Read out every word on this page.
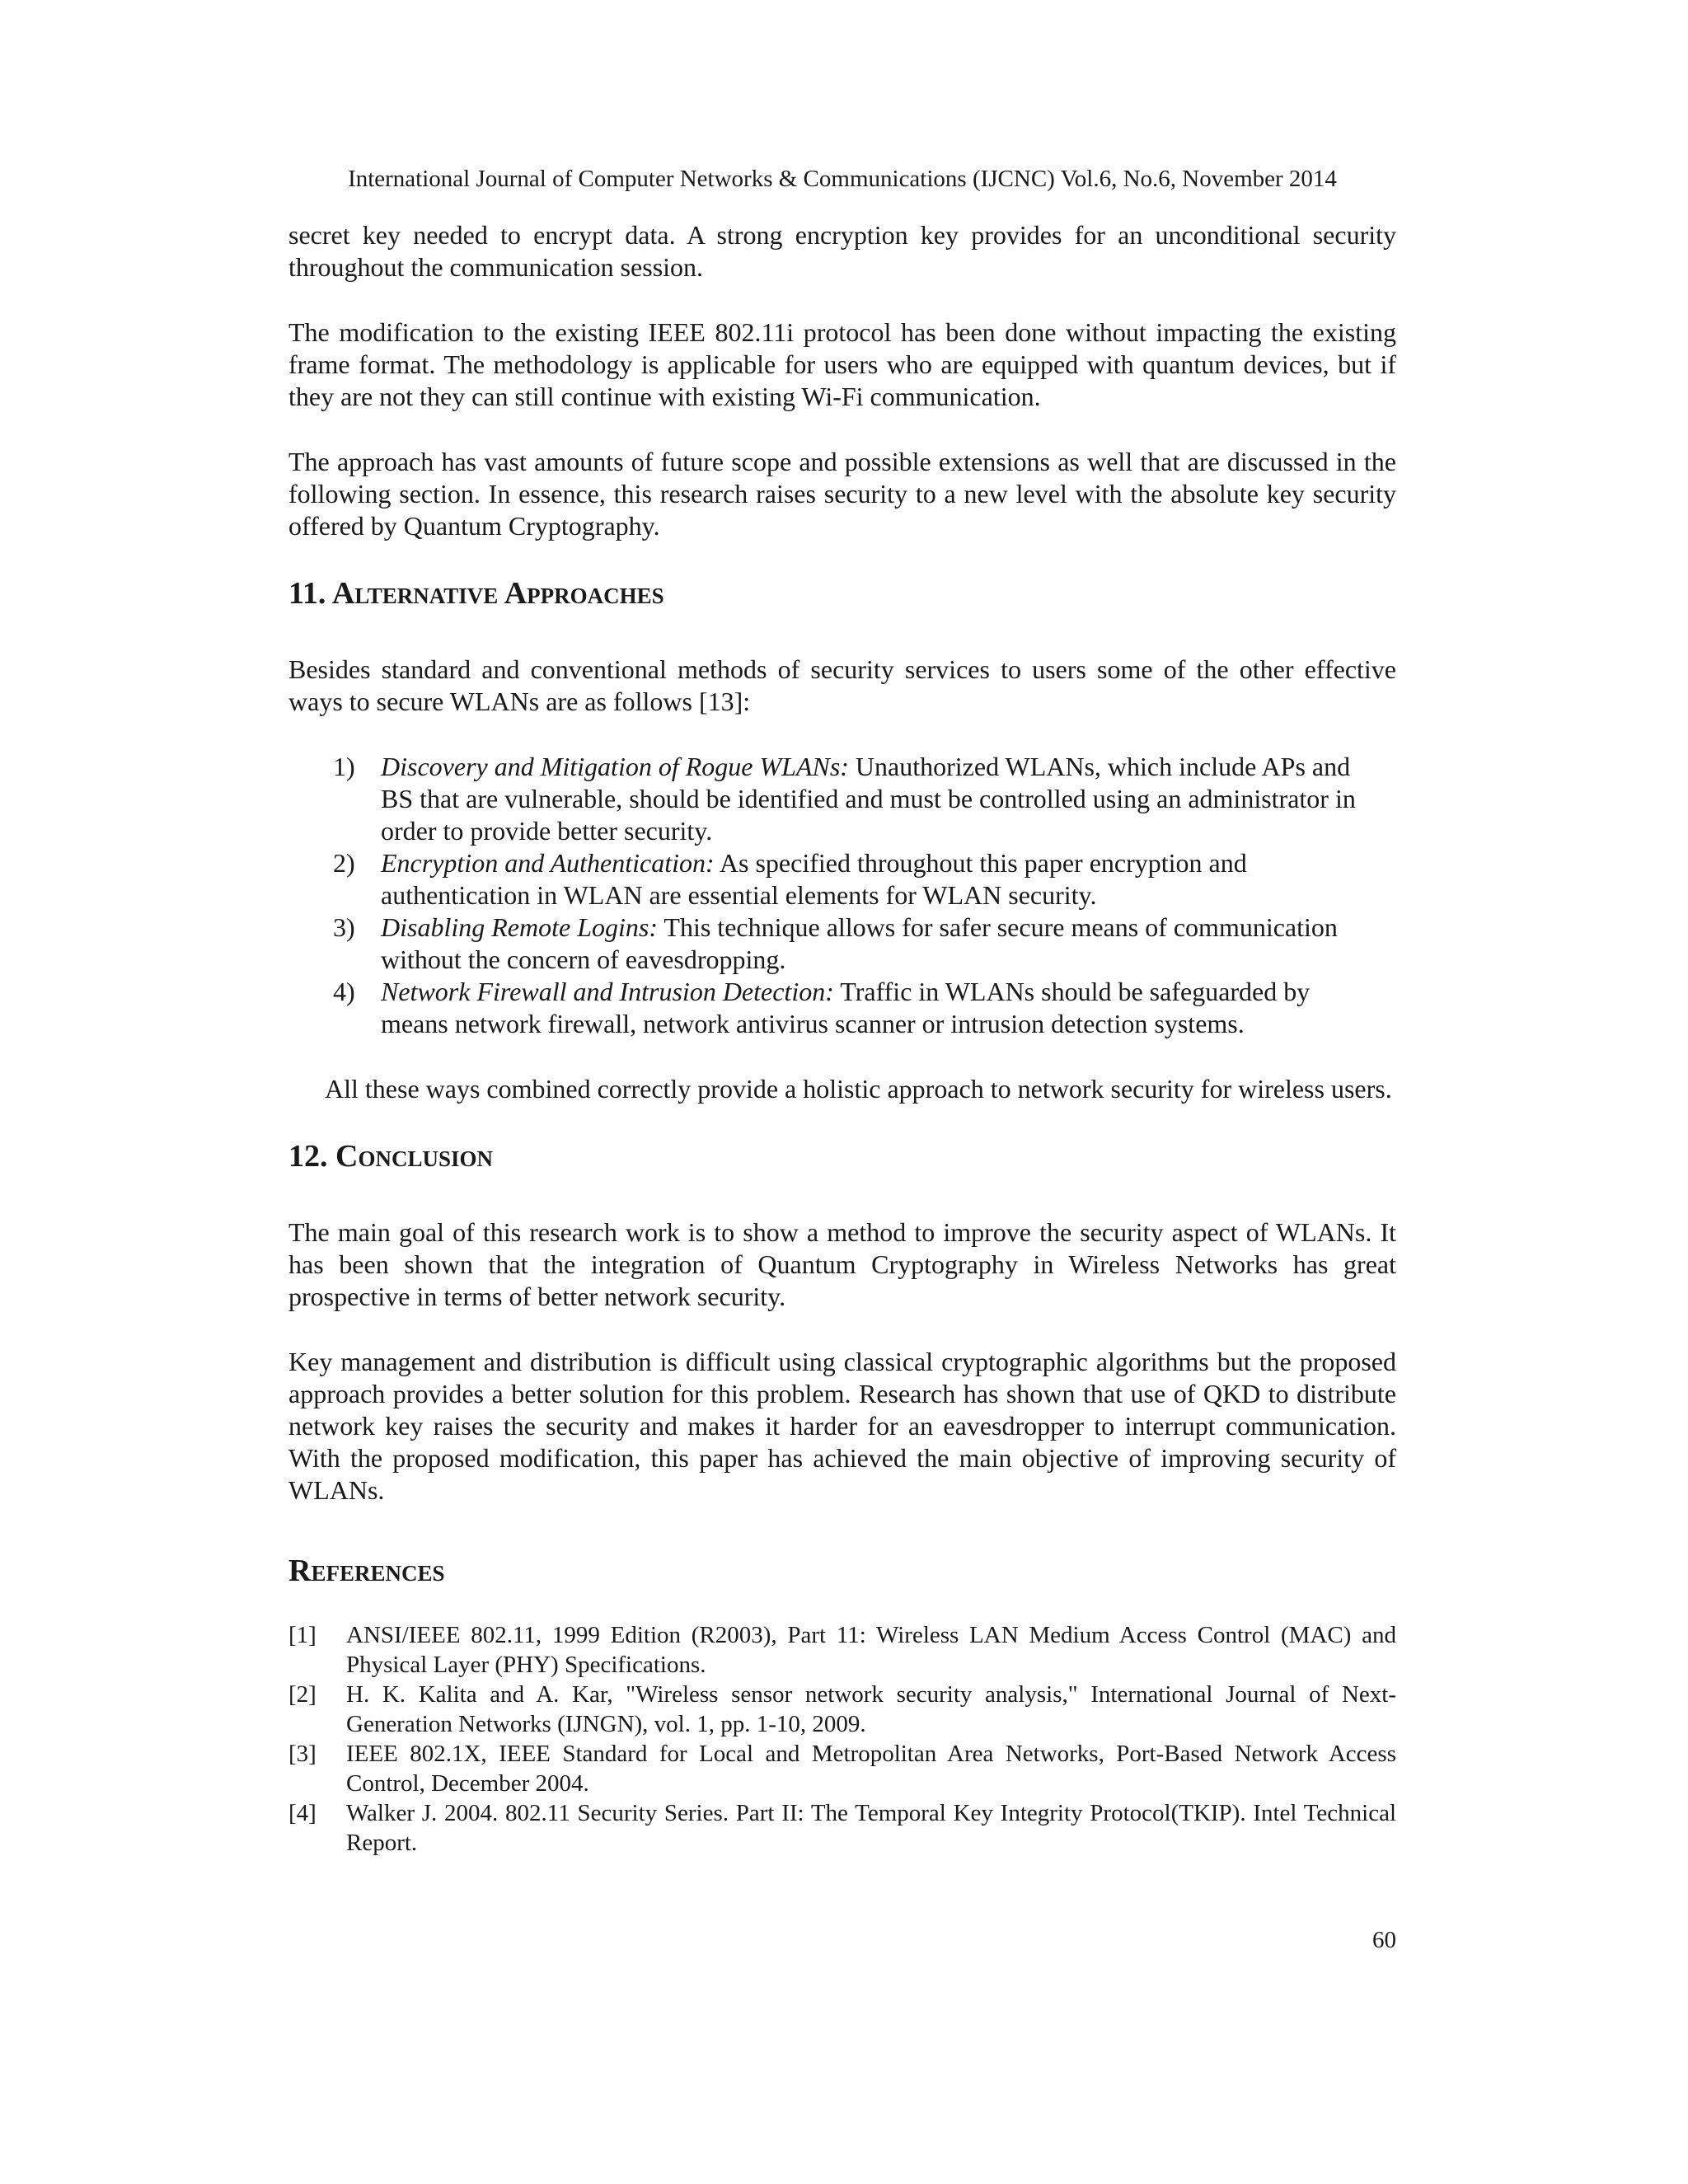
International Journal of Computer Networks & Communications (IJCNC) Vol.6, No.6, November 2014

secret key needed to encrypt data. A strong encryption key provides for an unconditional security throughout the communication session.

The modification to the existing IEEE 802.11i protocol has been done without impacting the existing frame format. The methodology is applicable for users who are equipped with quantum devices, but if they are not they can still continue with existing Wi-Fi communication.

The approach has vast amounts of future scope and possible extensions as well that are discussed in the following section. In essence, this research raises security to a new level with the absolute key security offered by Quantum Cryptography.

11. Alternative Approaches

Besides standard and conventional methods of security services to users some of the other effective ways to secure WLANs are as follows [13]:

1) Discovery and Mitigation of Rogue WLANs: Unauthorized WLANs, which include APs and BS that are vulnerable, should be identified and must be controlled using an administrator in order to provide better security.
2) Encryption and Authentication: As specified throughout this paper encryption and authentication in WLAN are essential elements for WLAN security.
3) Disabling Remote Logins: This technique allows for safer secure means of communication without the concern of eavesdropping.
4) Network Firewall and Intrusion Detection: Traffic in WLANs should be safeguarded by means network firewall, network antivirus scanner or intrusion detection systems.

All these ways combined correctly provide a holistic approach to network security for wireless users.

12. Conclusion

The main goal of this research work is to show a method to improve the security aspect of WLANs. It has been shown that the integration of Quantum Cryptography in Wireless Networks has great prospective in terms of better network security.

Key management and distribution is difficult using classical cryptographic algorithms but the proposed approach provides a better solution for this problem. Research has shown that use of QKD to distribute network key raises the security and makes it harder for an eavesdropper to interrupt communication. With the proposed modification, this paper has achieved the main objective of improving security of WLANs.

References
[1] ANSI/IEEE 802.11, 1999 Edition (R2003), Part 11: Wireless LAN Medium Access Control (MAC) and Physical Layer (PHY) Specifications.
[2] H. K. Kalita and A. Kar, "Wireless sensor network security analysis," International Journal of Next-Generation Networks (IJNGN), vol. 1, pp. 1-10, 2009.
[3] IEEE 802.1X, IEEE Standard for Local and Metropolitan Area Networks, Port-Based Network Access Control, December 2004.
[4] Walker J. 2004. 802.11 Security Series. Part II: The Temporal Key Integrity Protocol(TKIP). Intel Technical Report.
60
